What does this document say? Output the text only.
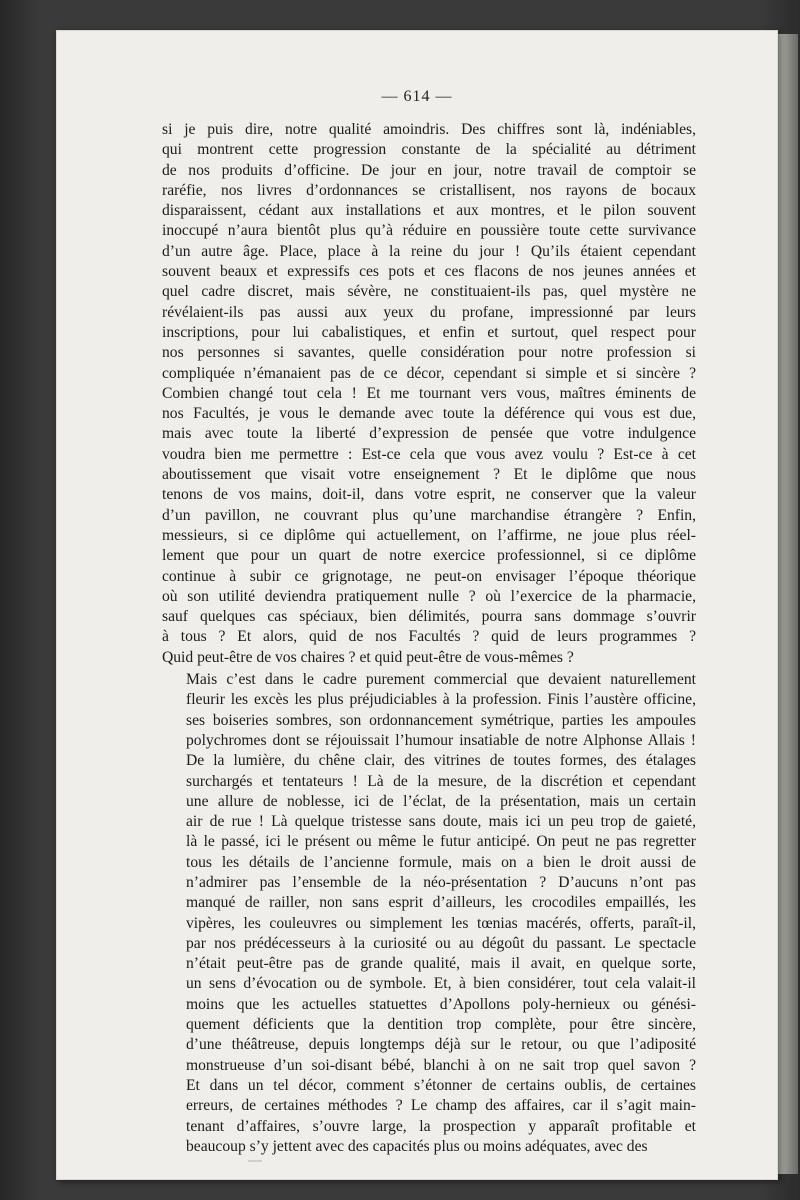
— 614 —
si je puis dire, notre qualité amoindris. Des chiffres sont là, indéniables,
qui montrent cette progression constante de la spécialité au détriment
de nos produits d’officine. De jour en jour, notre travail de comptoir se
raréfie, nos livres d’ordonnances se cristallisent, nos rayons de bocaux
disparaissent, cédant aux installations et aux montres, et le pilon souvent
inoccupé n’aura bientôt plus qu’à réduire en poussière toute cette survivance
d’un autre âge. Place, place à la reine du jour ! Qu’ils étaient cependant
souvent beaux et expressifs ces pots et ces flacons de nos jeunes années et
quel cadre discret, mais sévère, ne constituaient-ils pas, quel mystère ne
révélaient-ils pas aussi aux yeux du profane, impressionné par leurs
inscriptions, pour lui cabalistiques, et enfin et surtout, quel respect pour
nos personnes si savantes, quelle considération pour notre profession si
compliquée n’émanaient pas de ce décor, cependant si simple et si sincère ?
Combien changé tout cela ! Et me tournant vers vous, maîtres éminents de
nos Facultés, je vous le demande avec toute la déférence qui vous est due,
mais avec toute la liberté d’expression de pensée que votre indulgence
voudra bien me permettre : Est-ce cela que vous avez voulu ? Est-ce à cet
aboutissement que visait votre enseignement ? Et le diplôme que nous
tenons de vos mains, doit-il, dans votre esprit, ne conserver que la valeur
d’un pavillon, ne couvrant plus qu’une marchandise étrangère ? Enfin,
messieurs, si ce diplôme qui actuellement, on l’affirme, ne joue plus réel-
lement que pour un quart de notre exercice professionnel, si ce diplôme
continue à subir ce grignotage, ne peut-on envisager l’époque théorique
où son utilité deviendra pratiquement nulle ? où l’exercice de la pharmacie,
sauf quelques cas spéciaux, bien délimités, pourra sans dommage s’ouvrir
à tous ? Et alors, quid de nos Facultés ? quid de leurs programmes ?
Quid peut-être de vos chaires ? et quid peut-être de vous-mêmes ?
Mais c’est dans le cadre purement commercial que devaient naturellement
fleurir les excès les plus préjudiciables à la profession. Finis l’austère officine,
ses boiseries sombres, son ordonnancement symétrique, parties les ampoules
polychromes dont se réjouissait l’humour insatiable de notre Alphonse Allais !
De la lumière, du chêne clair, des vitrines de toutes formes, des étalages
surchargés et tentateurs ! Là de la mesure, de la discrétion et cependant
une allure de noblesse, ici de l’éclat, de la présentation, mais un certain
air de rue ! Là quelque tristesse sans doute, mais ici un peu trop de gaieté,
là le passé, ici le présent ou même le futur anticipé. On peut ne pas regretter
tous les détails de l’ancienne formule, mais on a bien le droit aussi de
n’admirer pas l’ensemble de la néo-présentation ? D’aucuns n’ont pas
manqué de railler, non sans esprit d’ailleurs, les crocodiles empaillés, les
vipères, les couleuvres ou simplement les tœnias macérés, offerts, paraît-il,
par nos prédécesseurs à la curiosité ou au dégoût du passant. Le spectacle
n’était peut-être pas de grande qualité, mais il avait, en quelque sorte,
un sens d’évocation ou de symbole. Et, à bien considérer, tout cela valait-il
moins que les actuelles statuettes d’Apollons poly-hernieux ou génési-
quement déficients que la dentition trop complète, pour être sincère,
d’une théâtreuse, depuis longtemps déjà sur le retour, ou que l’adiposité
monstrueuse d’un soi-disant bébé, blanchi à on ne sait trop quel savon ?
Et dans un tel décor, comment s’étonner de certains oublis, de certaines
erreurs, de certaines méthodes ? Le champ des affaires, car il s’agit main-
tenant d’affaires, s’ouvre large, la prospection y apparaît profitable et
beaucoup s’y jettent avec des capacités plus ou moins adéquates, avec des
